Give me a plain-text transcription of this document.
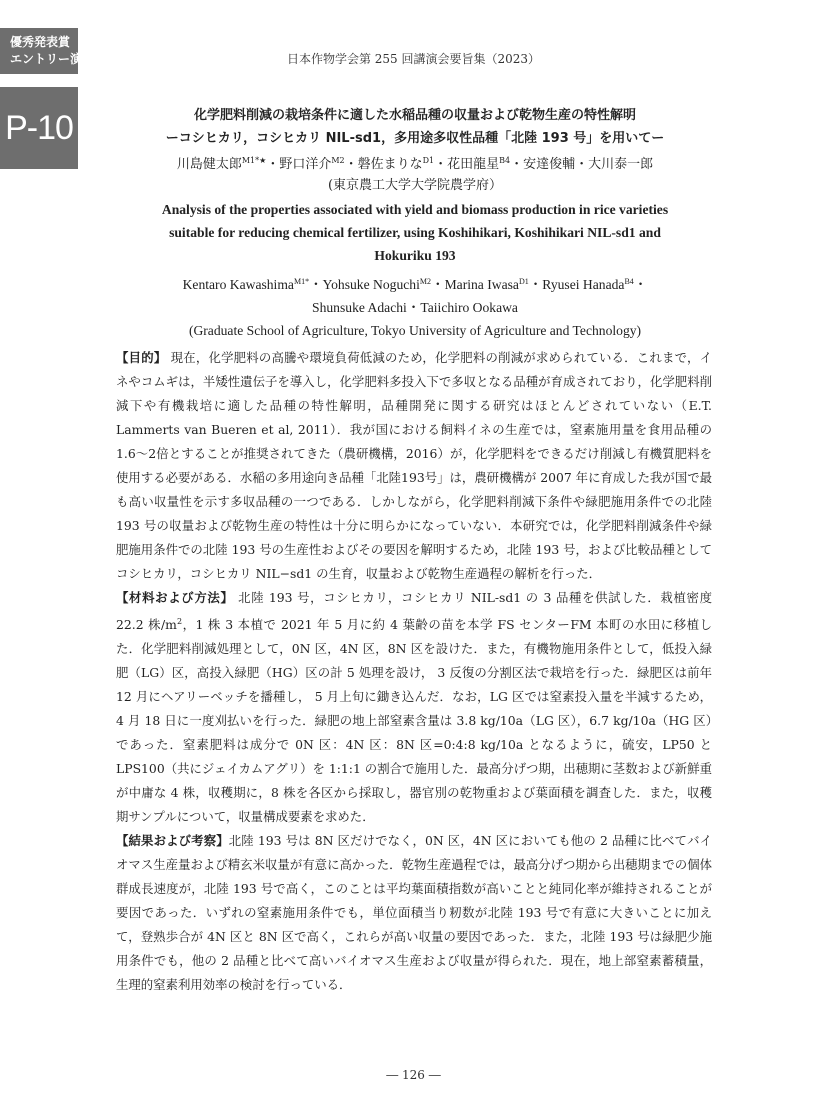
優秀発表賞
エントリー演題
P-10
日本作物学会第 255 回講演会要旨集（2023）
化学肥料削減の栽培条件に適した水稲品種の収量および乾物生産の特性解明
ーコシヒカリ，コシヒカリ NIL-sd1，多用途多収性品種「北陸 193 号」を用いてー
川島健太郎$^{M1*★}$・野口洋介$^{M2}$・磐佐まりな$^{D1}$・花田龍星$^{B4}$・安達俊輔・大川泰一郎
(東京農工大学大学院農学府）
Analysis of the properties associated with yield and biomass production in rice varieties
suitable for reducing chemical fertilizer, using Koshihikari, Koshihikari NIL-sd1 and
Hokuriku 193
Kentaro Kawashima$^{M1*}$・Yohsuke Noguchi$^{M2}$・Marina Iwasa$^{D1}$・Ryusei Hanada$^{B4}$・
Shunsuke Adachi・Taiichiro Ookawa
(Graduate School of Agriculture, Tokyo University of Agriculture and Technology)

【目的】 現在，化学肥料の高騰や環境負荷低減のため，化学肥料の削減が求められている．これまで，イネやコムギは，半矮性遺伝子を導入し，化学肥料多投入下で多収となる品種が育成されており，化学肥料削減下や有機栽培に適した品種の特性解明，品種開発に関する研究はほとんどされていない（E.T. Lammerts van Bueren et al, 2011）．我が国における飼料イネの生産では，窒素施用量を食用品種の1.6〜2倍とすることが推奨されてきた（農研機構，2016）が，化学肥料をできるだけ削減し有機質肥料を使用する必要がある．水稲の多用途向き品種「北陸193号」は，農研機構が 2007 年に育成した我が国で最も高い収量性を示す多収品種の一つである．しかしながら，化学肥料削減下条件や緑肥施用条件での北陸 193 号の収量および乾物生産の特性は十分に明らかになっていない．本研究では，化学肥料削減条件や緑肥施用条件での北陸 193 号の生産性およびその要因を解明するため，北陸 193 号，および比較品種としてコシヒカリ，コシヒカリ NIL−sd1 の生育，収量および乾物生産過程の解析を行った．

【材料および方法】 北陸 193 号，コシヒカリ，コシヒカリ NIL-sd1 の 3 品種を供試した．栽植密度 22.2 株$/m^2$，1 株 3 本植で 2021 年 5 月に約 4 葉齢の苗を本学 FS センターFM 本町の水田に移植した．化学肥料削減処理として，0N 区，4N 区，8N 区を設けた．また，有機物施用条件として，低投入緑肥（LG）区，高投入緑肥（HG）区の計 5 処理を設け， 3 反復の分割区法で栽培を行った．緑肥区は前年 12 月にヘアリーベッチを播種し， 5 月上旬に鋤き込んだ．なお，LG 区では窒素投入量を半減するため，4 月 18 日に一度刈払いを行った．緑肥の地上部窒素含量は 3.8 kg/10a（LG 区），6.7 kg/10a（HG 区）であった．窒素肥料は成分で 0N 区：4N 区：8N 区=0:4:8 kg/10a となるように，硫安，LP50 と LPS100（共にジェイカムアグリ）を 1:1:1 の割合で施用した．最高分げつ期，出穂期に茎数および新鮮重が中庸な 4 株，収穫期に，8 株を各区から採取し，器官別の乾物重および葉面積を調査した．また，収穫期サンプルについて，収量構成要素を求めた．

【結果および考察】北陸 193 号は 8N 区だけでなく，0N 区，4N 区においても他の 2 品種に比べてバイオマス生産量および精玄米収量が有意に高かった．乾物生産過程では，最高分げつ期から出穂期までの個体群成長速度が，北陸 193 号で高く，このことは平均葉面積指数が高いことと純同化率が維持されることが要因であった．いずれの窒素施用条件でも，単位面積当り籾数が北陸 193 号で有意に大きいことに加えて，登熟歩合が 4N 区と 8N 区で高く，これらが高い収量の要因であった．また，北陸 193 号は緑肥少施用条件でも，他の 2 品種と比べて高いバイオマス生産および収量が得られた．現在，地上部窒素蓄積量，生理的窒素利用効率の検討を行っている．

― 126 ―
